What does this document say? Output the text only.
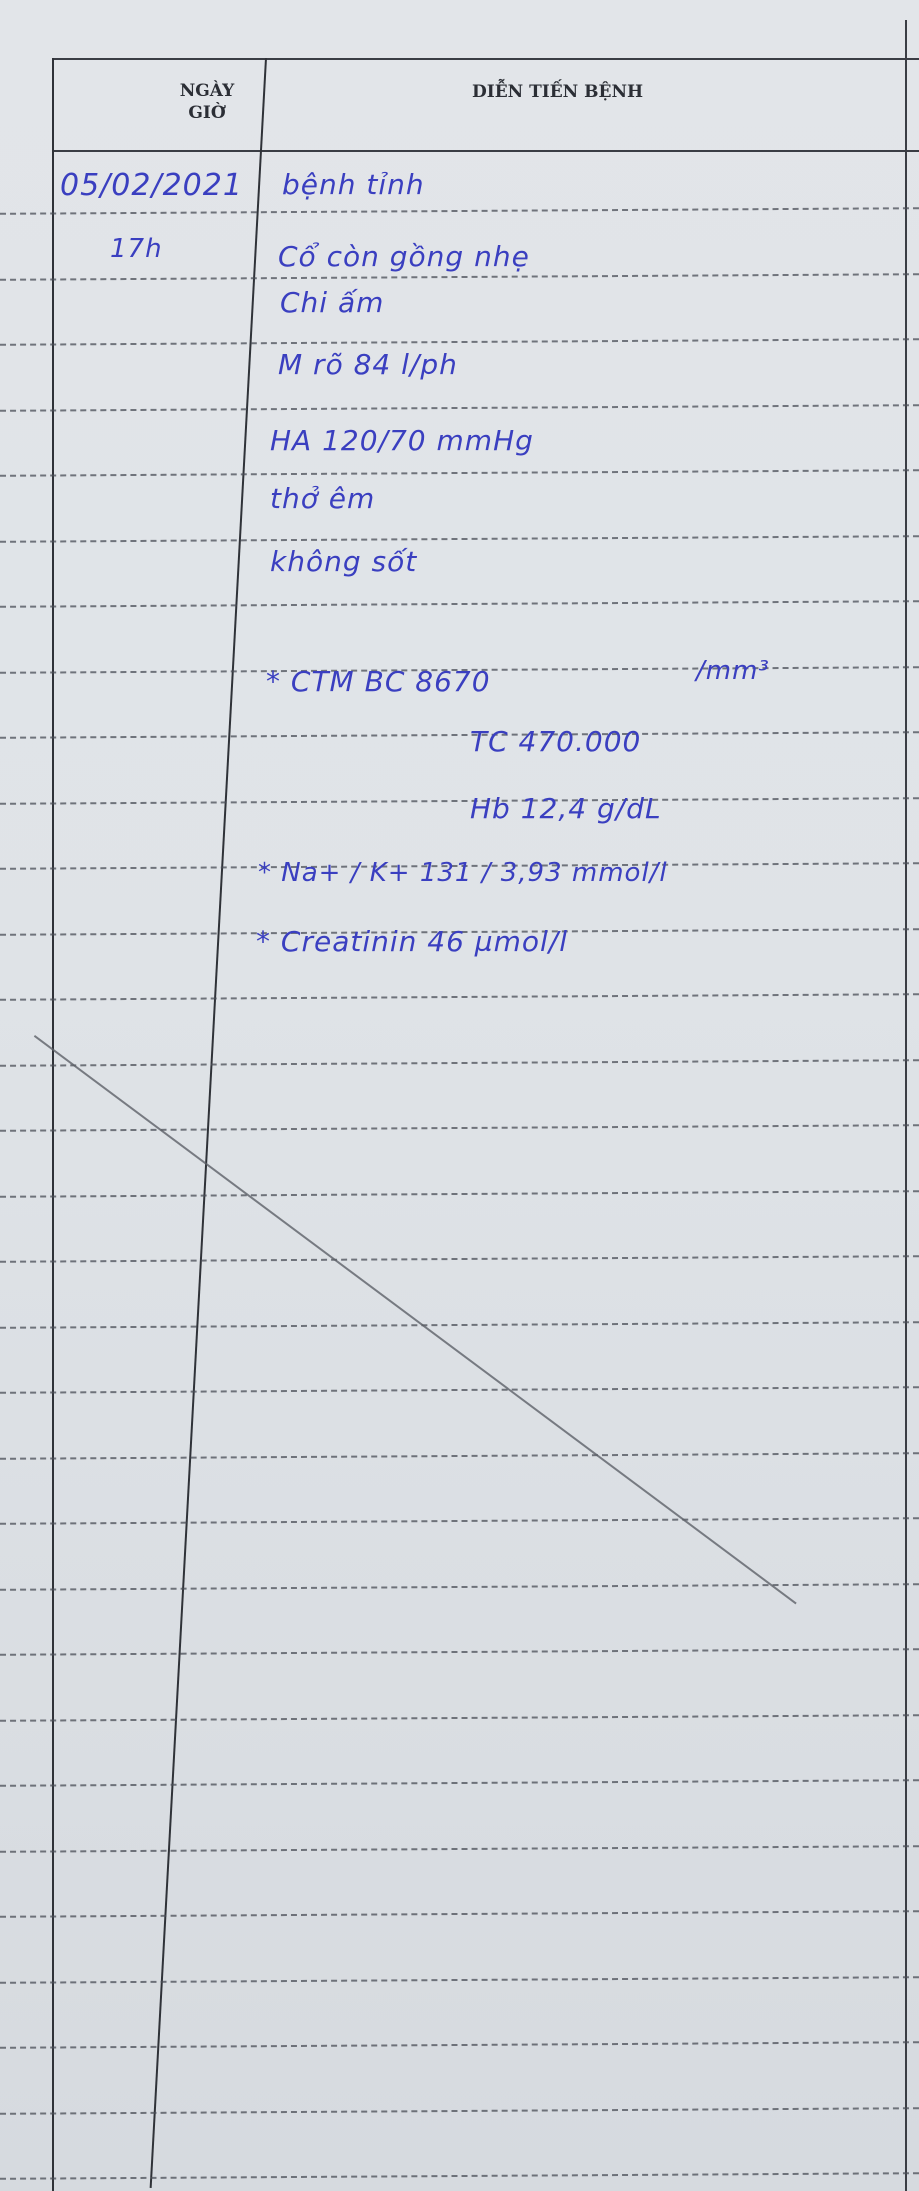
NGÀY
GIỜ
DIỄN TIẾN BỆNH
05/02/2021
17h
bệnh tỉnh
Cổ còn gồng nhẹ
Chi ấm
M rõ 84 l/ph
HA 120/70 mmHg
thở êm
không sốt
* CTM BC 8670	/mm³
TC 470.000
Hb 12,4 g/dL
* Na+ / K+ 131 / 3,93 mmol/l
* Creatinin 46 µmol/l
